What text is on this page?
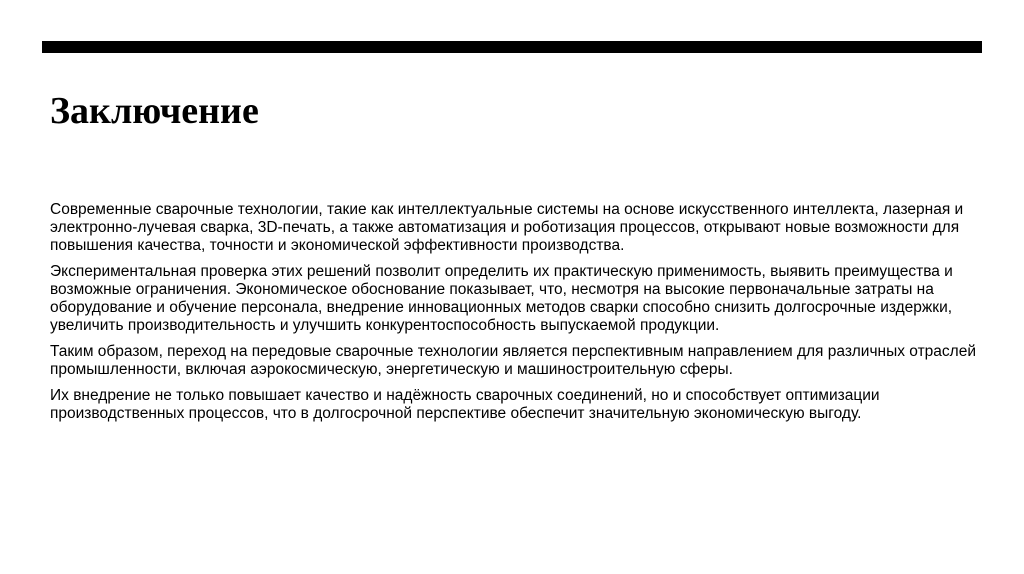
Заключение

Современные сварочные технологии, такие как интеллектуальные системы на основе искусственного интеллекта, лазерная и электронно-лучевая сварка, 3D-печать, а также автоматизация и роботизация процессов, открывают новые возможности для повышения качества, точности и экономической эффективности производства.

Экспериментальная проверка этих решений позволит определить их практическую применимость, выявить преимущества и возможные ограничения. Экономическое обоснование показывает, что, несмотря на высокие первоначальные затраты на оборудование и обучение персонала, внедрение инновационных методов сварки способно снизить долгосрочные издержки, увеличить производительность и улучшить конкурентоспособность выпускаемой продукции.

Таким образом, переход на передовые сварочные технологии является перспективным направлением для различных отраслей промышленности, включая аэрокосмическую, энергетическую и машиностроительную сферы.

Их внедрение не только повышает качество и надёжность сварочных соединений, но и способствует оптимизации производственных процессов, что в долгосрочной перспективе обеспечит значительную экономическую выгоду.
